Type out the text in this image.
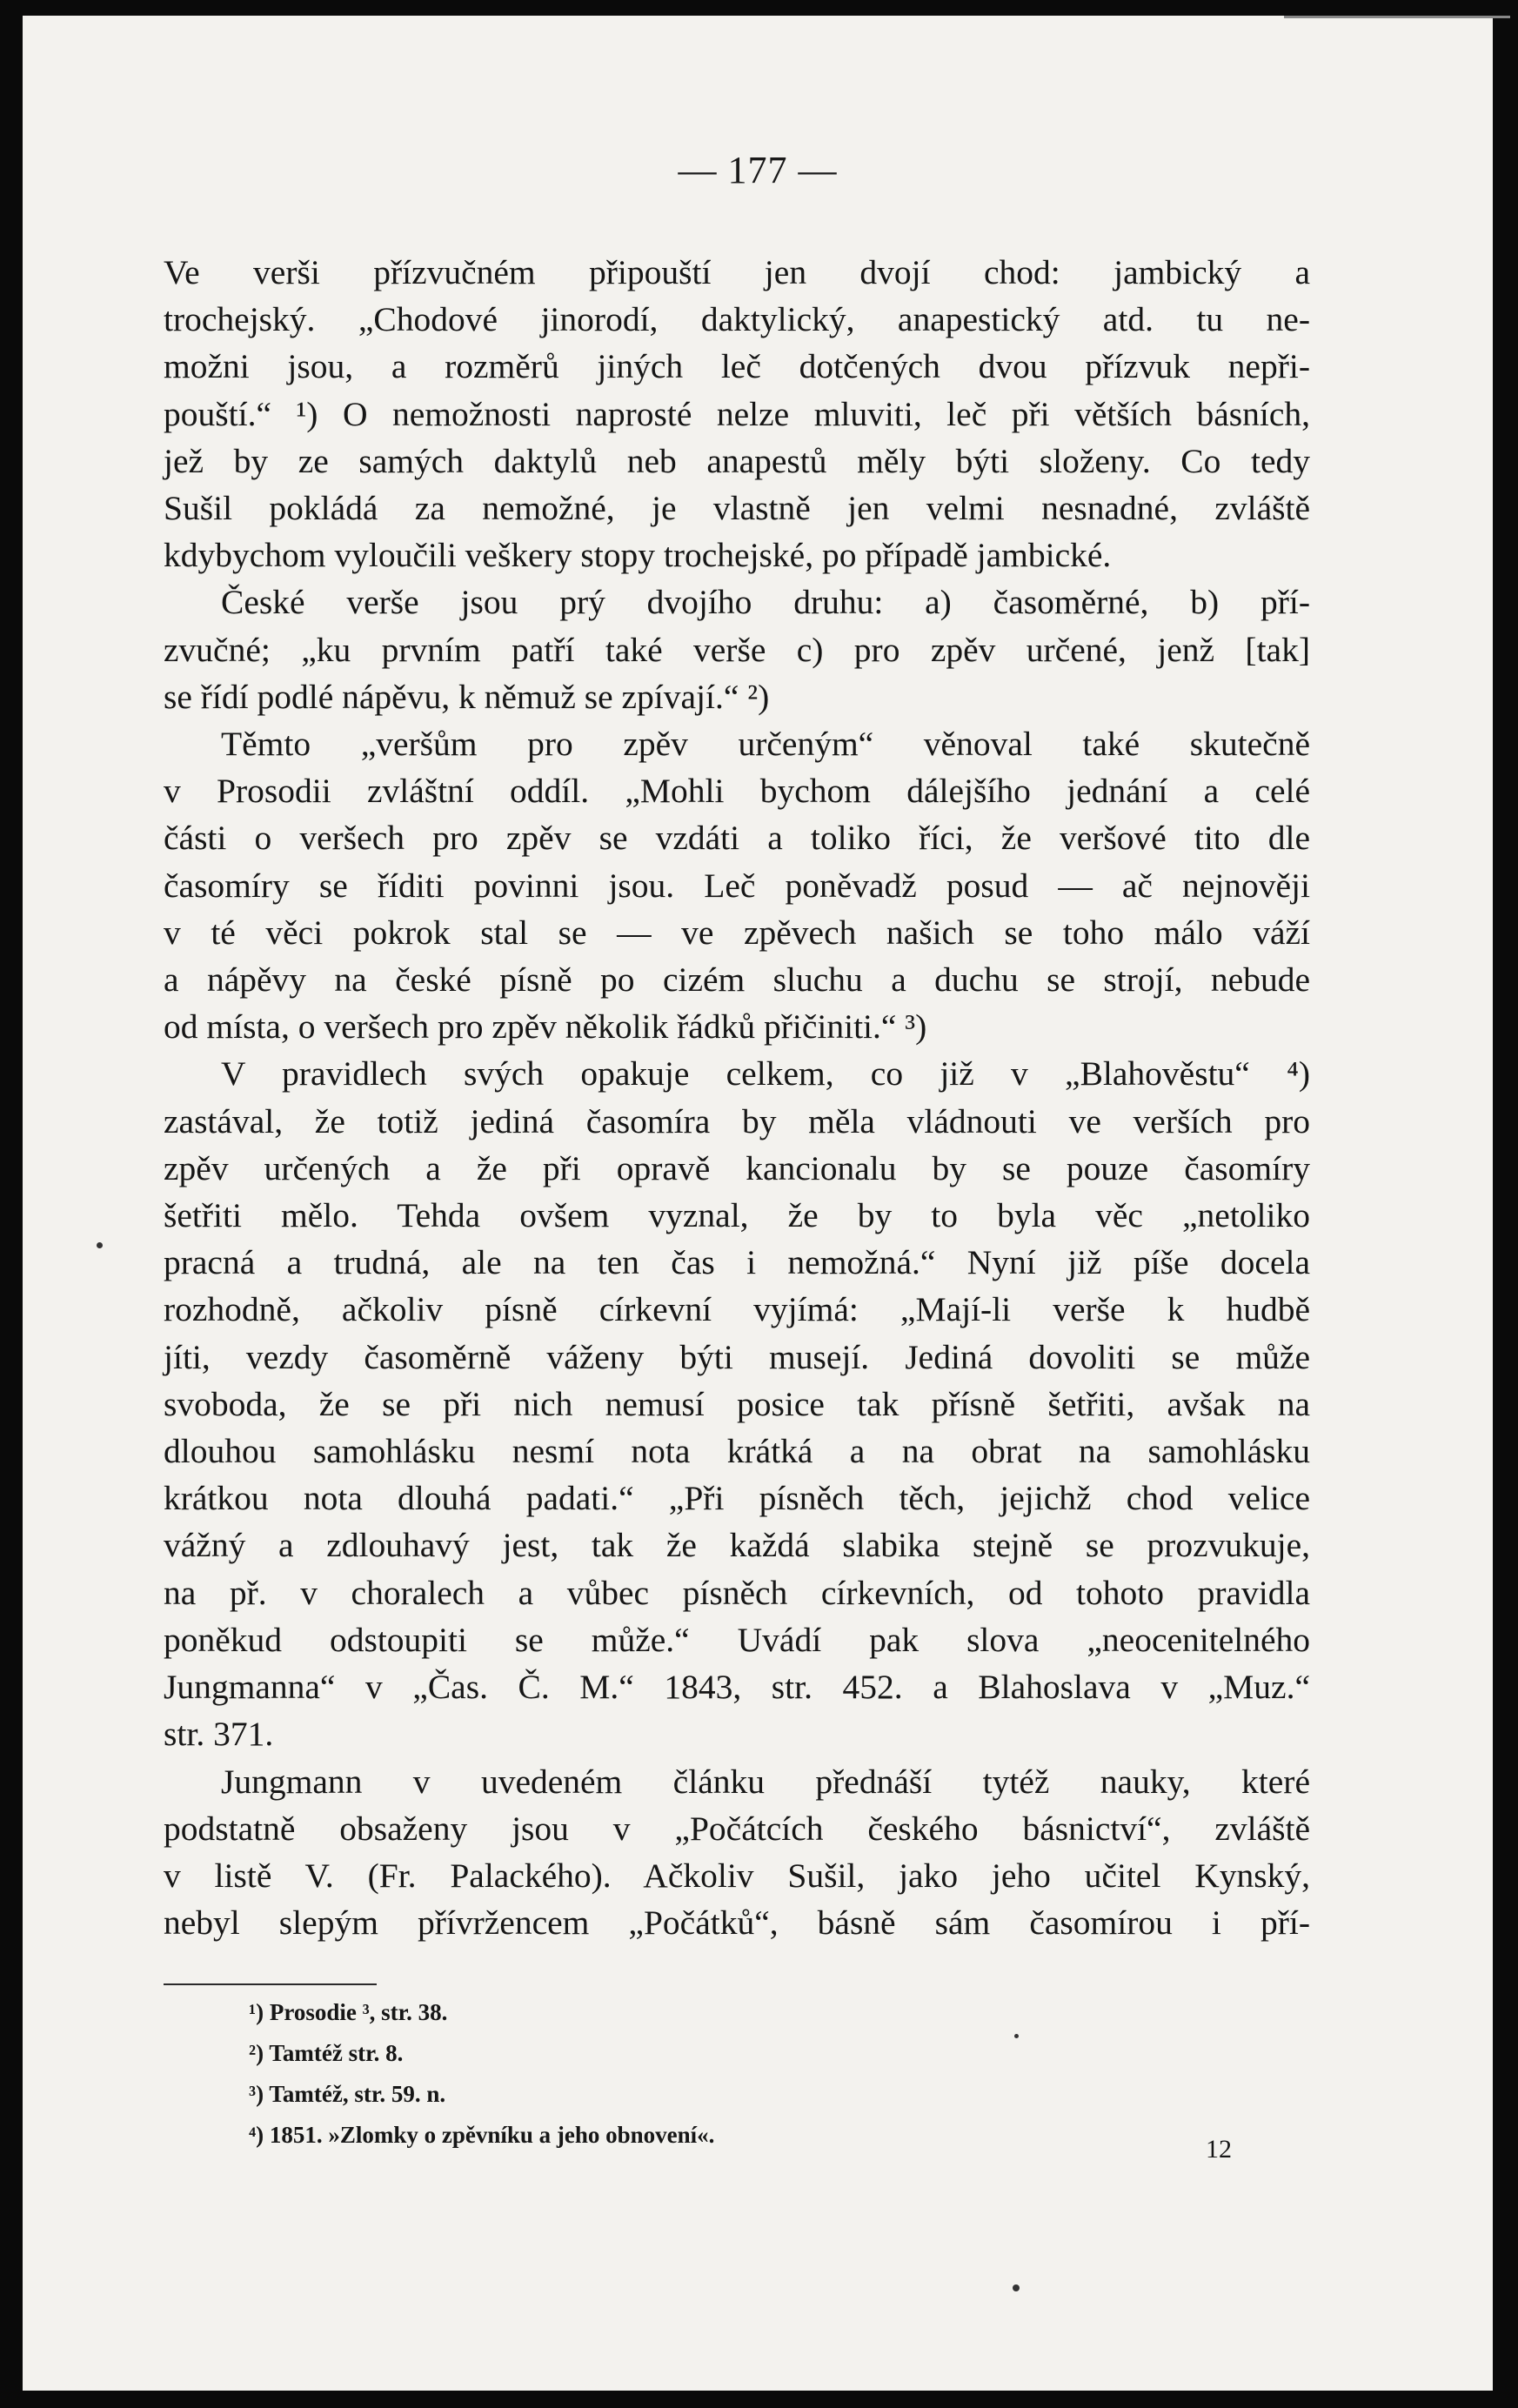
— 177 —
Ve verši přízvučném připouští jen dvojí chod: jambický a
trochejský. „Chodové jinorodí, daktylický, anapestický atd. tu ne-
možni jsou, a rozměrů jiných leč dotčených dvou přízvuk nepři-
pouští.“ ¹) O nemožnosti naprosté nelze mluviti, leč při větších básních,
jež by ze samých daktylů neb anapestů měly býti složeny. Co tedy
Sušil pokládá za nemožné, je vlastně jen velmi nesnadné, zvláště
kdybychom vyloučili veškery stopy trochejské, po případě jambické.
České verše jsou prý dvojího druhu: a) časoměrné, b) pří-
zvučné; „ku prvním patří také verše c) pro zpěv určené, jenž [tak]
se řídí podlé nápěvu, k němuž se zpívají.“ ²)
Těmto „veršům pro zpěv určeným“ věnoval také skutečně
v Prosodii zvláštní oddíl. „Mohli bychom dálejšího jednání a celé
části o veršech pro zpěv se vzdáti a toliko říci, že veršové tito dle
časomíry se říditi povinni jsou. Leč poněvadž posud — ač nejnověji
v té věci pokrok stal se — ve zpěvech našich se toho málo váží
a nápěvy na české písně po cizém sluchu a duchu se strojí, nebude
od místa, o veršech pro zpěv několik řádků přičiniti.“ ³)
V pravidlech svých opakuje celkem, co již v „Blahověstu“ ⁴)
zastával, že totiž jediná časomíra by měla vládnouti ve verších pro
zpěv určených a že při opravě kancionalu by se pouze časomíry
šetřiti mělo. Tehda ovšem vyznal, že by to byla věc „netoliko
pracná a trudná, ale na ten čas i nemožná.“ Nyní již píše docela
rozhodně, ačkoliv písně církevní vyjímá: „Mají-li verše k hudbě
jíti, vezdy časoměrně váženy býti musejí. Jediná dovoliti se může
svoboda, že se při nich nemusí posice tak přísně šetřiti, avšak na
dlouhou samohlásku nesmí nota krátká a na obrat na samohlásku
krátkou nota dlouhá padati.“ „Při písněch těch, jejichž chod velice
vážný a zdlouhavý jest, tak že každá slabika stejně se prozvukuje,
na př. v choralech a vůbec písněch církevních, od tohoto pravidla
poněkud odstoupiti se může.“ Uvádí pak slova „neocenitelného
Jungmanna“ v „Čas. Č. M.“ 1843, str. 452. a Blahoslava v „Muz.“
str. 371.
Jungmann v uvedeném článku přednáší tytéž nauky, které
podstatně obsaženy jsou v „Počátcích českého básnictví“, zvláště
v listě V. (Fr. Palackého). Ačkoliv Sušil, jako jeho učitel Kynský,
nebyl slepým přívržencem „Počátků“, básně sám časomírou i pří-
¹) Prosodie ³, str. 38.
²) Tamtéž str. 8.
³) Tamtéž, str. 59. n.
⁴) 1851. »Zlomky o zpěvníku a jeho obnovení«.	12
